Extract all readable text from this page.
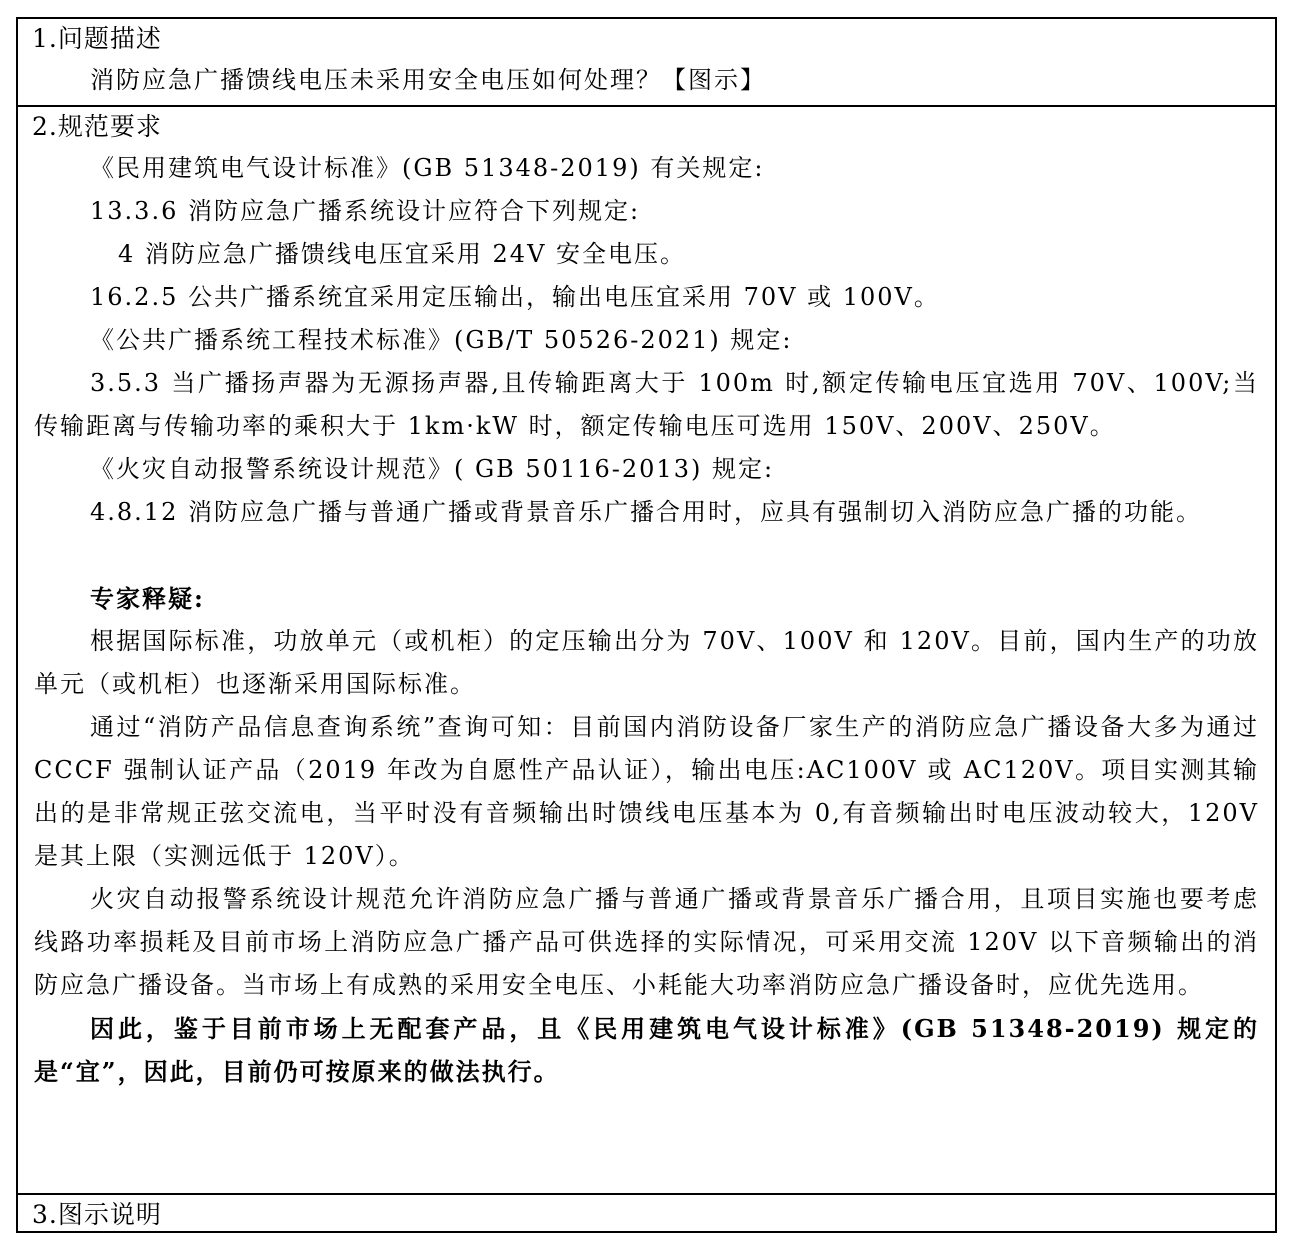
1.问题描述
消防应急广播馈线电压未采用安全电压如何处理？【图示】
2.规范要求
《民用建筑电气设计标准》(GB 51348-2019) 有关规定:
13.3.6 消防应急广播系统设计应符合下列规定:
4 消防应急广播馈线电压宜采用 24V 安全电压。
16.2.5 公共广播系统宜采用定压输出，输出电压宜采用 70V 或 100V。
《公共广播系统工程技术标准》(GB/T 50526-2021) 规定:
3.5.3 当广播扬声器为无源扬声器,且传输距离大于 100m 时,额定传输电压宜选用 70V、100V;当传输距离与传输功率的乘积大于 1km·kW 时，额定传输电压可选用 150V、200V、250V。
《火灾自动报警系统设计规范》( GB 50116-2013) 规定:
4.8.12 消防应急广播与普通广播或背景音乐广播合用时，应具有强制切入消防应急广播的功能。
专家释疑:
根据国际标准，功放单元（或机柜）的定压输出分为 70V、100V 和 120V。目前，国内生产的功放单元（或机柜）也逐渐采用国际标准。
通过“消防产品信息查询系统”查询可知：目前国内消防设备厂家生产的消防应急广播设备大多为通过 CCCF 强制认证产品（2019 年改为自愿性产品认证），输出电压:AC100V 或 AC120V。项目实测其输出的是非常规正弦交流电，当平时没有音频输出时馈线电压基本为 0,有音频输出时电压波动较大，120V 是其上限（实测远低于 120V）。
火灾自动报警系统设计规范允许消防应急广播与普通广播或背景音乐广播合用，且项目实施也要考虑线路功率损耗及目前市场上消防应急广播产品可供选择的实际情况，可采用交流 120V 以下音频输出的消防应急广播设备。当市场上有成熟的采用安全电压、小耗能大功率消防应急广播设备时，应优先选用。
因此，鉴于目前市场上无配套产品，且《民用建筑电气设计标准》(GB 51348-2019) 规定的是“宜”，因此，目前仍可按原来的做法执行。
3.图示说明
